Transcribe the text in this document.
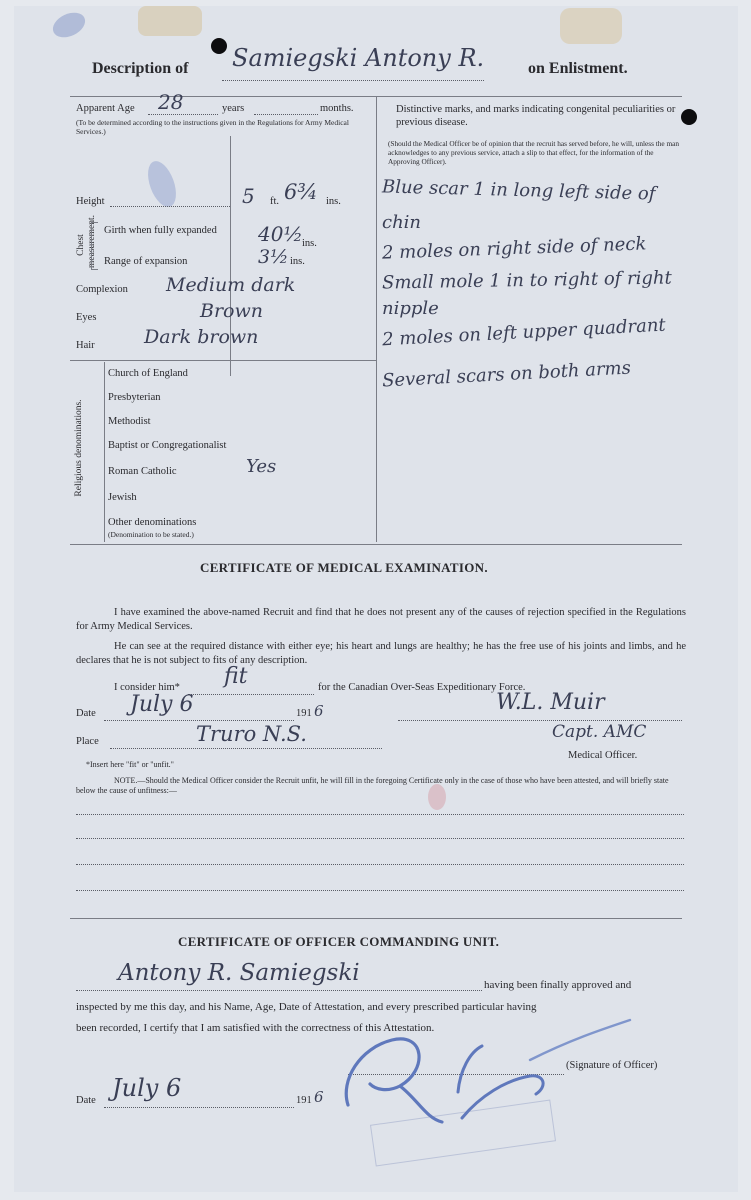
Description of Samiegski Antony R.	on Enlistment.
Apparent Age 28	years	months.
(To be determined according to the instructions given in the Regulations for Army Medical Services.)
Distinctive marks, and marks indicating congenital peculiarities or previous disease.
(Should the Medical Officer be of opinion that the recruit has served before, he will, unless the man acknowledges to any previous service, attach a slip to that effect, for the information of the Approving Officer).
Height	5 ft. 6¾ ins.
Chest measurement. Girth when fully expanded	40½ ins.
Range of expansion	3½ ins.
Complexion Medium dark
Eyes	Brown
Hair	Dark brown
Religious denominations.
Church of England
Presbyterian
Methodist
Baptist or Congregationalist
Roman Catholic	Yes
Jewish
Other denominations
(Denomination to be stated.)
Blue scar 1 in long left side of
chin
2 moles on right side of neck
Small mole 1 in to right of right
nipple
2 moles on left upper quadrant
Several scars on both arms
CERTIFICATE OF MEDICAL EXAMINATION.
I have examined the above-named Recruit and find that he does not present any of the causes of rejection specified in the Regulations for Army Medical Services.
He can see at the required distance with either eye; his heart and lungs are healthy; he has the free use of his joints and limbs, and he declares that he is not subject to fits of any description.
I consider him* fit	for the Canadian Over-Seas Expeditionary Force.
Date July 6	191 6	W.L. Muir
Place	Truro N.S.	Capt. AMC
Medical Officer.
*Insert here "fit" or "unfit."
NOTE.—Should the Medical Officer consider the Recruit unfit, he will fill in the foregoing Certificate only in the case of those who have been attested, and will briefly state below the cause of unfitness:—
CERTIFICATE OF OFFICER COMMANDING UNIT.
Antony R. Samiegski	having been finally approved and
inspected by me this day, and his Name, Age, Date of Attestation, and every prescribed particular having
been recorded, I certify that I am satisfied with the correctness of this Attestation.
(Signature of Officer)
Date July 6	191 6
